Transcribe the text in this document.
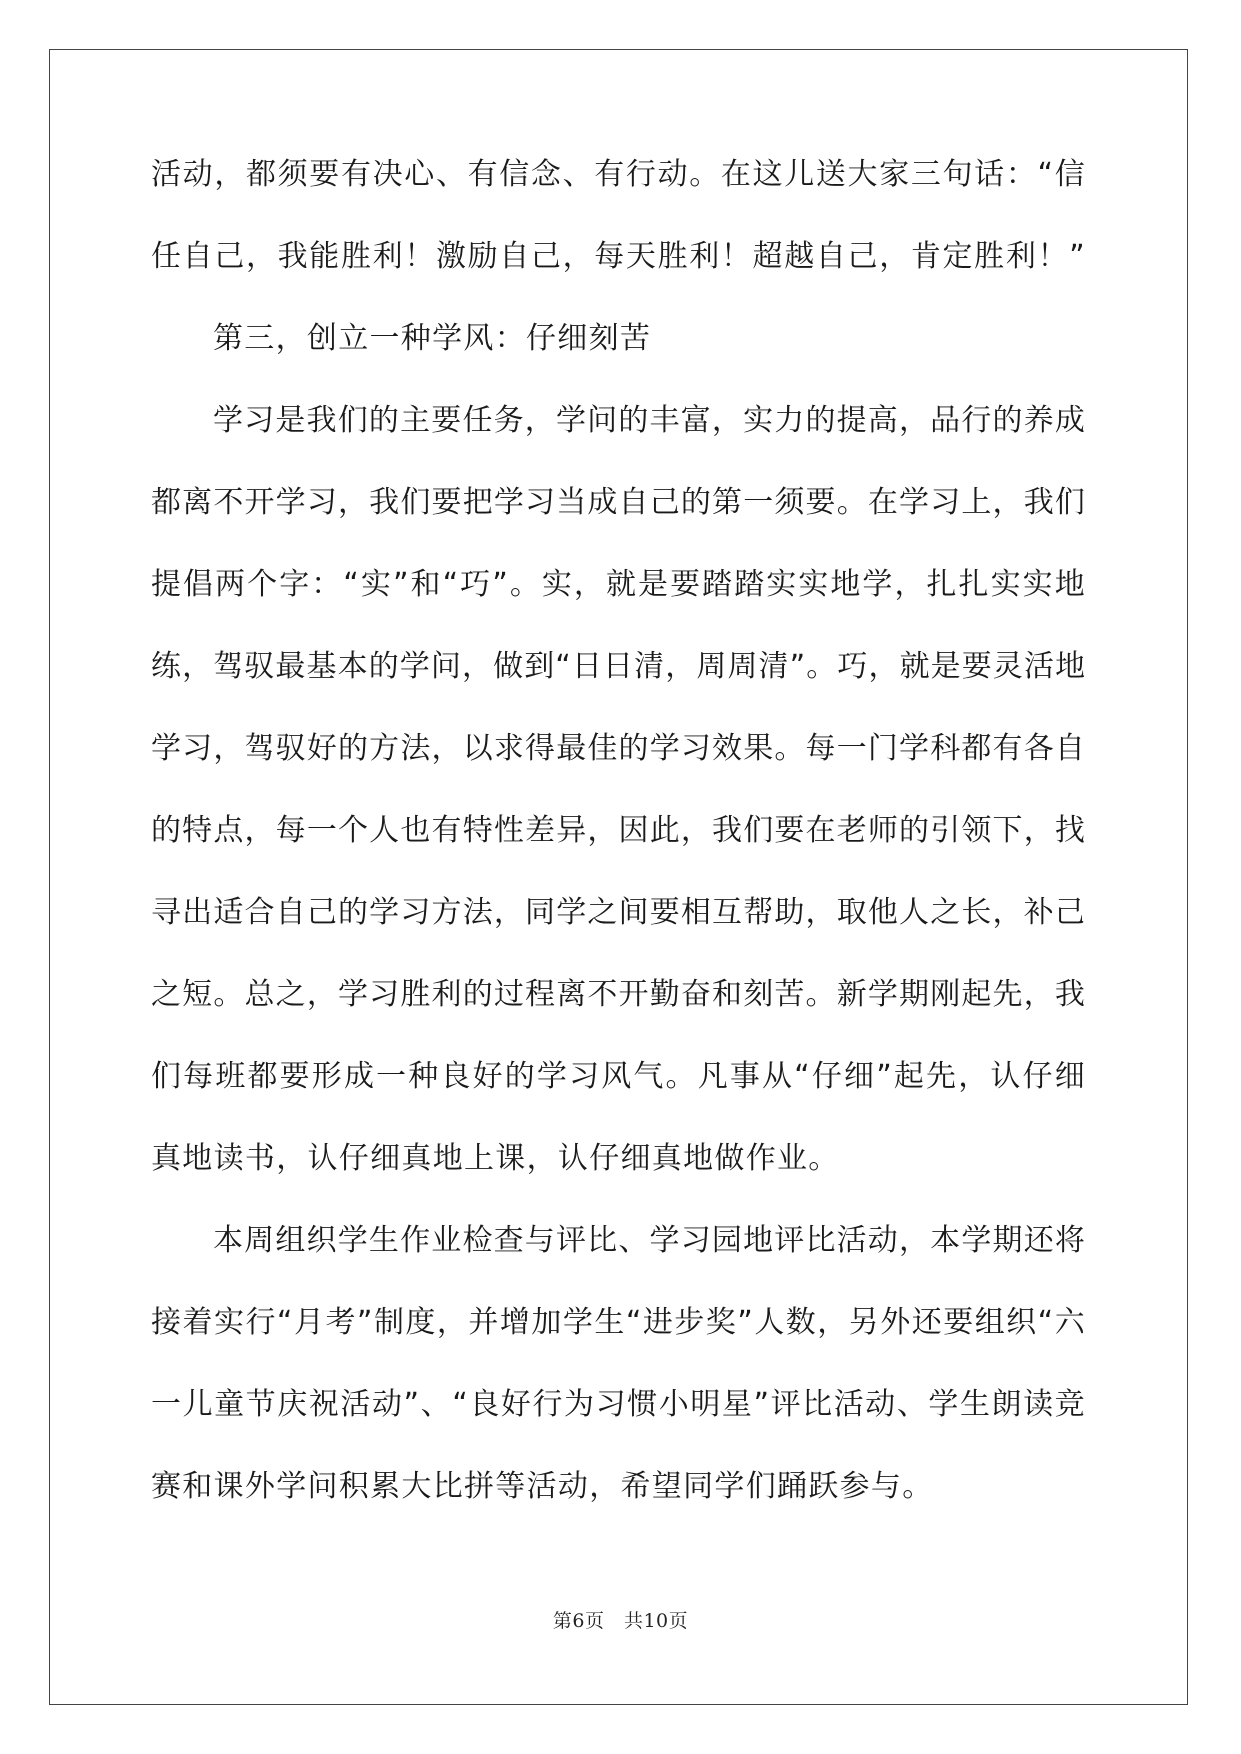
活动，都须要有决心、有信念、有行动。在这儿送大家三句话：“信

任自己，我能胜利！激励自己，每天胜利！超越自己，肯定胜利！”

第三，创立一种学风：仔细刻苦

学习是我们的主要任务，学问的丰富，实力的提高，品行的养成

都离不开学习，我们要把学习当成自己的第一须要。在学习上，我们

提倡两个字：“实”和“巧”。实，就是要踏踏实实地学，扎扎实实地

练，驾驭最基本的学问，做到“日日清，周周清”。巧，就是要灵活地

学习，驾驭好的方法，以求得最佳的学习效果。每一门学科都有各自

的特点，每一个人也有特性差异，因此，我们要在老师的引领下，找

寻出适合自己的学习方法，同学之间要相互帮助，取他人之长，补己

之短。总之，学习胜利的过程离不开勤奋和刻苦。新学期刚起先，我

们每班都要形成一种良好的学习风气。凡事从“仔细”起先，认仔细

真地读书，认仔细真地上课，认仔细真地做作业。

本周组织学生作业检查与评比、学习园地评比活动，本学期还将

接着实行“月考”制度，并增加学生“进步奖”人数，另外还要组织“六

一儿童节庆祝活动”、“良好行为习惯小明星”评比活动、学生朗读竞

赛和课外学问积累大比拼等活动，希望同学们踊跃参与。

第6页　共10页
